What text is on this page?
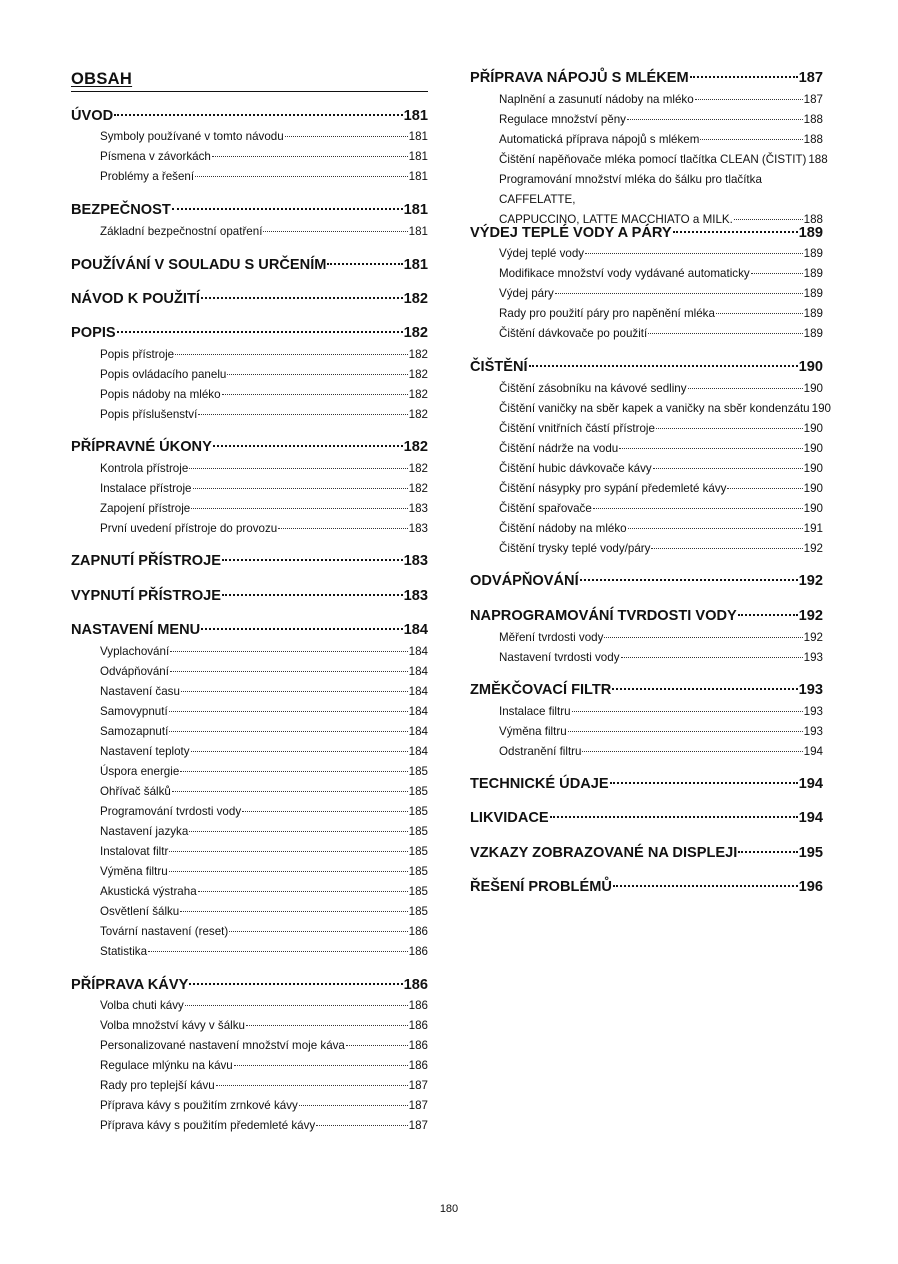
OBSAH
ÚVOD	181
Symboly používané v tomto návodu	181
Písmena v závorkách	181
Problémy a řešení	181
BEZPEČNOST	181
Základní bezpečnostní opatření	181
POUŽÍVÁNÍ V SOULADU S URČENÍM	181
NÁVOD K POUŽITÍ	182
POPIS	182
Popis přístroje	182
Popis ovládacího panelu	182
Popis nádoby na mléko	182
Popis příslušenství	182
PŘÍPRAVNÉ ÚKONY	182
Kontrola přístroje	182
Instalace přístroje	182
Zapojení přístroje	183
První uvedení přístroje do provozu	183
ZAPNUTÍ PŘÍSTROJE	183
VYPNUTÍ PŘÍSTROJE	183
NASTAVENÍ MENU	184
Vyplachování	184
Odvápňování	184
Nastavení času	184
Samovypnutí	184
Samozapnutí	184
Nastavení teploty	184
Úspora energie	185
Ohřívač šálků	185
Programování tvrdosti vody	185
Nastavení jazyka	185
Instalovat filtr	185
Výměna filtru	185
Akustická výstraha	185
Osvětlení šálku	185
Tovární nastavení (reset)	186
Statistika	186
PŘÍPRAVA KÁVY	186
Volba chuti kávy	186
Volba množství kávy v šálku	186
Personalizované nastavení množství moje káva	186
Regulace mlýnku na kávu	186
Rady pro teplejší kávu	187
Příprava kávy s použitím zrnkové kávy	187
Příprava kávy s použitím předemleté kávy	187
PŘÍPRAVA NÁPOJŮ S MLÉKEM	187
Naplnění a zasunutí nádoby na mléko	187
Regulace množství pěny	188
Automatická příprava nápojů s mlékem	188
Čištění napěňovače mléka pomocí tlačítka CLEAN (ČISTIT) 188
Programování množství mléka do šálku pro tlačítka CAFFELATTE,
CAPPUCCINO, LATTE MACCHIATO a MILK.	188
VÝDEJ TEPLÉ VODY A PÁRY	189
Výdej teplé vody	189
Modifikace množství vody vydávané automaticky	189
Výdej páry	189
Rady pro použití páry pro napěnění mléka	189
Čištění dávkovače po použití	189
ČIŠTĚNÍ	190
Čištění zásobníku na kávové sedliny	190
Čištění vaničky na sběr kapek a vaničky na sběr kondenzátu 190
Čištění vnitřních částí přístroje	190
Čištění nádrže na vodu	190
Čištění hubic dávkovače kávy	190
Čištění násypky pro sypání předemleté kávy	190
Čištění spařovače	190
Čištění nádoby na mléko	191
Čištění trysky teplé vody/páry	192
ODVÁPŇOVÁNÍ	192
NAPROGRAMOVÁNÍ TVRDOSTI VODY	192
Měření tvrdosti vody	192
Nastavení tvrdosti vody	193
ZMĚKČOVACÍ FILTR	193
Instalace filtru	193
Výměna filtru	193
Odstranění filtru	194
TECHNICKÉ ÚDAJE	194
LIKVIDACE	194
VZKAZY ZOBRAZOVANÉ NA DISPLEJI	195
ŘEŠENÍ PROBLÉMŮ	196
180
